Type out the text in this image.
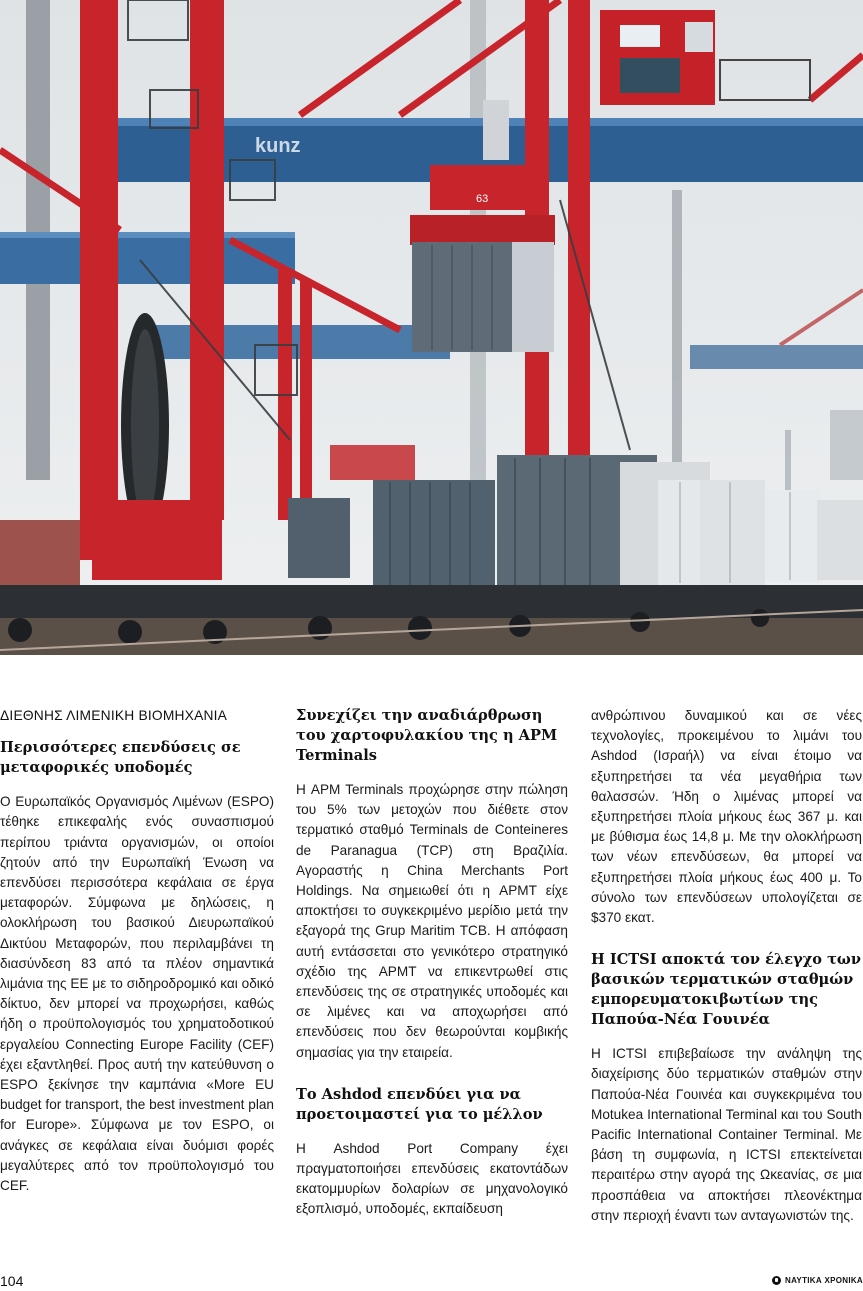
kunz
63
ΔΙΕΘΝΗΣ ΛΙΜΕΝΙΚΗ ΒΙΟΜΗΧΑΝΙΑ
Περισσότερες επενδύσεις σε μεταφορικές υποδομές

Ο Ευρωπαϊκός Οργανισμός Λιμένων (ESPO) τέθηκε επικεφαλής ενός συνασπισμού περίπου τριάντα οργανισμών, οι οποίοι ζητούν από την Ευρωπαϊκή Ένωση να επενδύσει περισσότερα κεφάλαια σε έργα μεταφορών. Σύμφωνα με δηλώσεις, η ολοκλήρωση του βασικού Διευρωπαϊκού Δικτύου Μεταφορών, που περιλαμβάνει τη διασύνδεση 83 από τα πλέον σημαντικά λιμάνια της ΕΕ με το σιδηροδρομικό και οδικό δίκτυο, δεν μπορεί να προχωρήσει, καθώς ήδη ο προϋπολογισμός του χρηματοδοτικού εργαλείου Connecting Europe Facility (CEF) έχει εξαντληθεί. Προς αυτή την κατεύθυνση ο ESPO ξεκίνησε την καμπάνια «More EU budget for transport, the best investment plan for Europe». Σύμφωνα με τον ESPO, οι ανάγκες σε κεφάλαια είναι δυόμισι φορές μεγαλύτερες από τον προϋπολογισμό του CEF.

Συνεχίζει την αναδιάρθρωση του χαρτοφυλακίου της η APM Terminals

Η APM Terminals προχώρησε στην πώληση του 5% των μετοχών που διέθετε στον τερματικό σταθμό Terminals de Conteineres de Paranagua (TCP) στη Βραζιλία. Αγοραστής η China Merchants Port Holdings. Να σημειωθεί ότι η APMT είχε αποκτήσει το συγκεκριμένο μερίδιο μετά την εξαγορά της Grup Maritim TCB. Η απόφαση αυτή εντάσσεται στο γενικότερο στρατηγικό σχέδιο της APMT να επικεντρωθεί στις επενδύσεις της σε στρατηγικές υποδομές και σε λιμένες και να αποχωρήσει από επενδύσεις που δεν θεωρούνται κομβικής σημασίας για την εταιρεία.

Το Ashdod επενδύει για να προετοιμαστεί για το μέλλον

Η Ashdod Port Company έχει πραγματοποιήσει επενδύσεις εκατοντάδων εκατομμυρίων δολαρίων σε μηχανολογικό εξοπλισμό, υποδομές, εκπαίδευση

ανθρώπινου δυναμικού και σε νέες τεχνολογίες, προκειμένου το λιμάνι του Ashdod (Ισραήλ) να είναι έτοιμο να εξυπηρετήσει τα νέα μεγαθήρια των θαλασσών. Ήδη ο λιμένας μπορεί να εξυπηρετήσει πλοία μήκους έως 367 μ. και με βύθισμα έως 14,8 μ. Με την ολοκλήρωση των νέων επενδύσεων, θα μπορεί να εξυπηρετήσει πλοία μήκους έως 400 μ. Το σύνολο των επενδύσεων υπολογίζεται σε $370 εκατ.

Η ICTSI αποκτά τον έλεγχο των βασικών τερματικών σταθμών εμπορευματοκιβωτίων της Παπούα-Νέα Γουινέα

Η ICTSI επιβεβαίωσε την ανάληψη της διαχείρισης δύο τερματικών σταθμών στην Παπούα-Νέα Γουινέα και συγκεκριμένα του Motukea International Terminal και του South Pacific International Container Terminal. Με βάση τη συμφωνία, η ICTSI επεκτείνεται περαιτέρω στην αγορά της Ωκεανίας, σε μια προσπάθεια να αποκτήσει πλεονέκτημα στην περιοχή έναντι των ανταγωνιστών της.

104	ΝΑΥΤΙΚΑ ΧΡΟΝΙΚΑ
